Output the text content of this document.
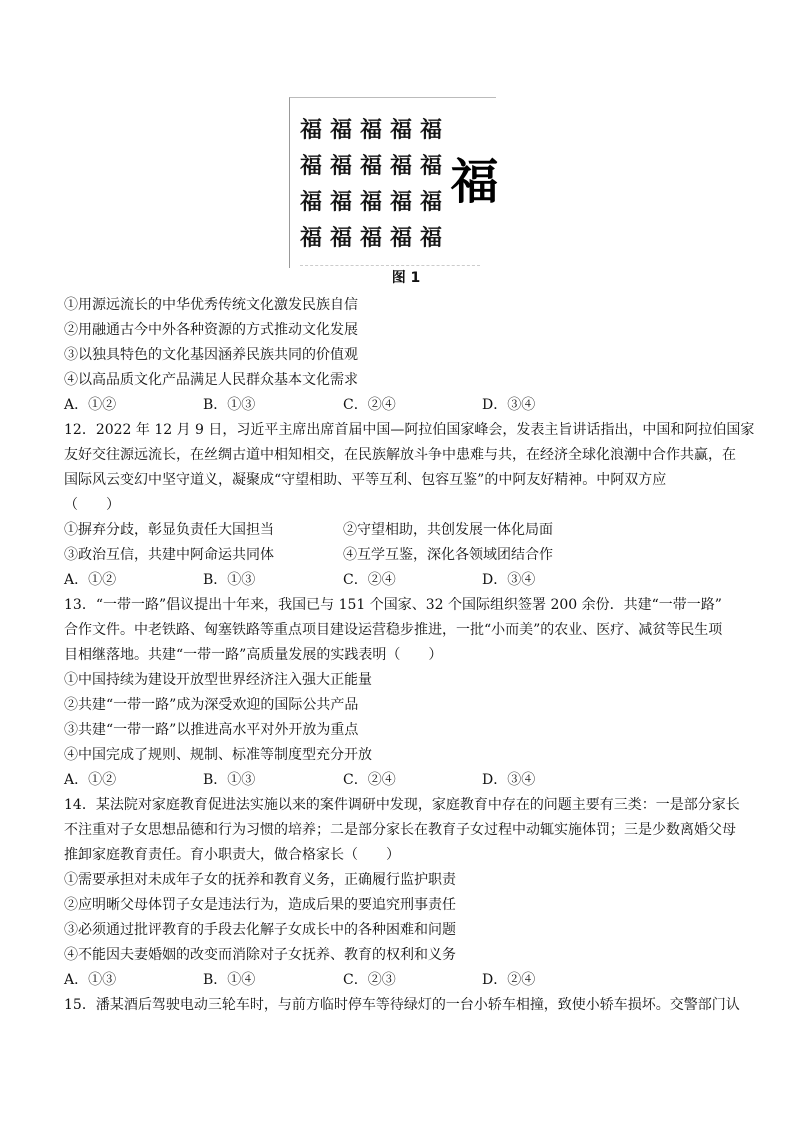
福 福 福 福 福
福 福 福 福 福
福 福 福 福 福
福 福 福 福 福
福
图 1
①用源远流长的中华优秀传统文化激发民族自信
②用融通古今中外各种资源的方式推动文化发展
③以独具特色的文化基因涵养民族共同的价值观
④以高品质文化产品满足人民群众基本文化需求
A．①②	B．①③	C．②④	D．③④
12．2022 年 12 月 9 日，习近平主席出席首届中国—阿拉伯国家峰会，发表主旨讲话指出，中国和阿拉伯国家
友好交往源远流长，在丝绸古道中相知相交，在民族解放斗争中患难与共，在经济全球化浪潮中合作共赢，在
国际风云变幻中坚守道义，凝聚成“守望相助、平等互利、包容互鉴”的中阿友好精神。中阿双方应
（　　）
①摒弃分歧，彰显负责任大国担当	②守望相助，共创发展一体化局面
③政治互信，共建中阿命运共同体	④互学互鉴，深化各领域团结合作
A．①②	B．①③	C．②④	D．③④
13．“一带一路”倡议提出十年来，我国已与 151 个国家、32 个国际组织签署 200 余份．共建“一带一路”
合作文件。中老铁路、匈塞铁路等重点项目建设运营稳步推进，一批“小而美”的农业、医疗、减贫等民生项
目相继落地。共建“一带一路”高质量发展的实践表明（　　）
①中国持续为建设开放型世界经济注入强大正能量
②共建“一带一路”成为深受欢迎的国际公共产品
③共建“一带一路”以推进高水平对外开放为重点
④中国完成了规则、规制、标准等制度型充分开放
A．①②	B．①③	C．②④	D．③④
14．某法院对家庭教育促进法实施以来的案件调研中发现，家庭教育中存在的问题主要有三类：一是部分家长
不注重对子女思想品德和行为习惯的培养；二是部分家长在教育子女过程中动辄实施体罚；三是少数离婚父母
推卸家庭教育责任。育小职责大，做合格家长（　　）
①需要承担对未成年子女的抚养和教育义务，正确履行监护职责
②应明晰父母体罚子女是违法行为，造成后果的要追究刑事责任
③必须通过批评教育的手段去化解子女成长中的各种困难和问题
④不能因夫妻婚姻的改变而消除对子女抚养、教育的权利和义务
A．①③	B．①④	C．②③	D．②④
15．潘某酒后驾驶电动三轮车时，与前方临时停车等待绿灯的一台小轿车相撞，致使小轿车损坏。交警部门认
